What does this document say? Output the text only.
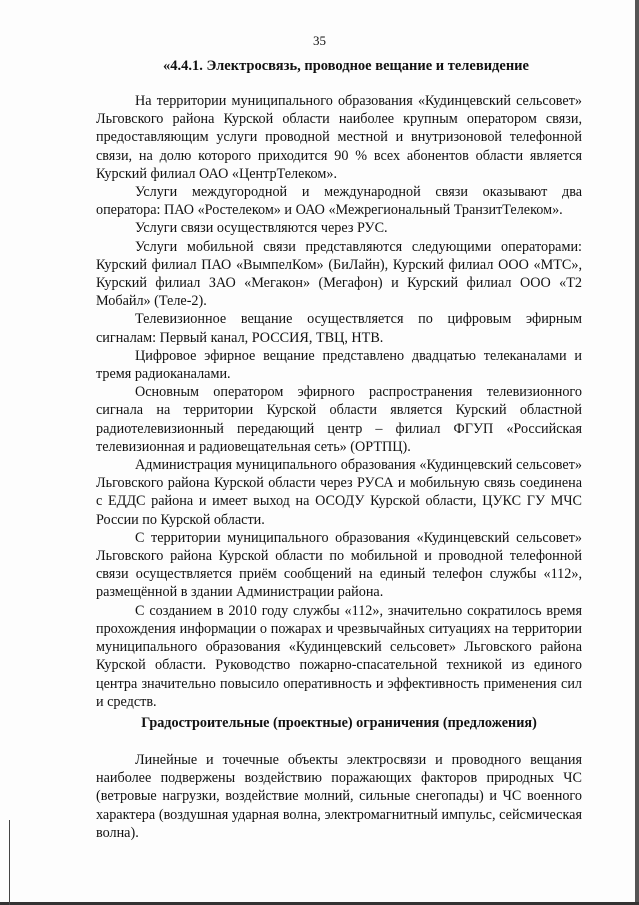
35
«4.4.1. Электросвязь, проводное вещание и телевидение

На территории муниципального образования «Кудинцевский сельсовет» Льговского района Курской области наиболее крупным оператором связи, предоставляющим услуги проводной местной и внутризоновой телефонной связи, на долю которого приходится 90 % всех абонентов области является Курский филиал ОАО «ЦентрТелеком».

Услуги междугородной и международной связи оказывают два оператора: ПАО «Ростелеком» и ОАО «Межрегиональный ТранзитТелеком».

Услуги связи осуществляются через РУС.

Услуги мобильной связи представляются следующими операторами: Курский филиал ПАО «ВымпелКом» (БиЛайн), Курский филиал ООО «МТС», Курский филиал ЗАО «Мегакон» (Мегафон) и Курский филиал ООО «Т2 Мобайл» (Теле-2).

Телевизионное вещание осуществляется по цифровым эфирным сигналам: Первый канал, РОССИЯ, ТВЦ, НТВ.

Цифровое эфирное вещание представлено двадцатью телеканалами и тремя радиоканалами.

Основным оператором эфирного распространения телевизионного сигнала на территории Курской области является Курский областной радиотелевизионный передающий центр – филиал ФГУП «Российская телевизионная и радиовещательная сеть» (ОРТПЦ).

Администрация муниципального образования «Кудинцевский сельсовет» Льговского района Курской области через РУСА и мобильную связь соединена с ЕДДС района и имеет выход на ОСОДУ Курской области, ЦУКС ГУ МЧС России по Курской области.

С территории муниципального образования «Кудинцевский сельсовет» Льговского района Курской области по мобильной и проводной телефонной связи осуществляется приём сообщений на единый телефон службы «112», размещённой в здании Администрации района.

С созданием в 2010 году службы «112», значительно сократилось время прохождения информации о пожарах и чрезвычайных ситуациях на территории муниципального образования «Кудинцевский сельсовет» Льговского района Курской области. Руководство пожарно-спасательной техникой из единого центра значительно повысило оперативность и эффективность применения сил и средств.

Градостроительные (проектные) ограничения (предложения)

Линейные и точечные объекты электросвязи и проводного вещания наиболее подвержены воздействию поражающих факторов природных ЧС (ветровые нагрузки, воздействие молний, сильные снегопады) и ЧС военного характера (воздушная ударная волна, электромагнитный импульс, сейсмическая волна).
